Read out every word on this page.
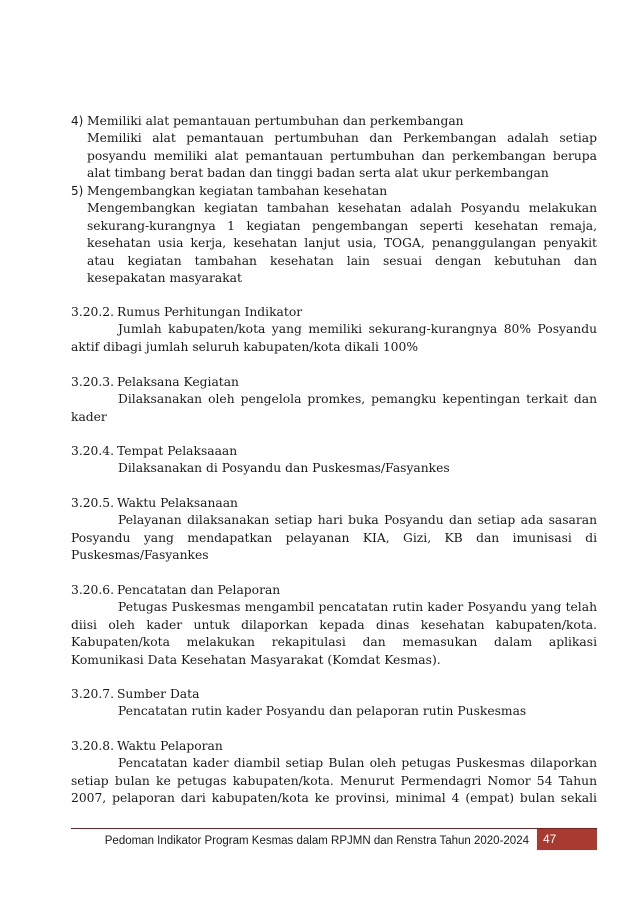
4) Memiliki alat pemantauan pertumbuhan dan perkembangan
Memiliki alat pemantauan pertumbuhan dan Perkembangan adalah setiap
posyandu memiliki alat pemantauan pertumbuhan dan perkembangan berupa
alat timbang berat badan dan tinggi badan serta alat ukur perkembangan
5) Mengembangkan kegiatan tambahan kesehatan
Mengembangkan kegiatan tambahan kesehatan adalah Posyandu melakukan
sekurang-kurangnya 1 kegiatan pengembangan seperti kesehatan remaja,
kesehatan usia kerja, kesehatan lanjut usia, TOGA, penanggulangan penyakit
atau kegiatan tambahan kesehatan lain sesuai dengan kebutuhan dan
kesepakatan masyarakat
3.20.2. Rumus Perhitungan Indikator
Jumlah kabupaten/kota yang memiliki sekurang-kurangnya 80% Posyandu
aktif dibagi jumlah seluruh kabupaten/kota dikali 100%
3.20.3. Pelaksana Kegiatan
Dilaksanakan oleh pengelola promkes, pemangku kepentingan terkait dan
kader
3.20.4. Tempat Pelaksaaan
Dilaksanakan di Posyandu dan Puskesmas/Fasyankes
3.20.5. Waktu Pelaksanaan
Pelayanan dilaksanakan setiap hari buka Posyandu dan setiap ada sasaran
Posyandu yang mendapatkan pelayanan KIA, Gizi, KB dan imunisasi di
Puskesmas/Fasyankes
3.20.6. Pencatatan dan Pelaporan
Petugas Puskesmas mengambil pencatatan rutin kader Posyandu yang telah
diisi oleh kader untuk dilaporkan kepada dinas kesehatan kabupaten/kota.
Kabupaten/kota melakukan rekapitulasi dan memasukan dalam aplikasi
Komunikasi Data Kesehatan Masyarakat (Komdat Kesmas).
3.20.7. Sumber Data
Pencatatan rutin kader Posyandu dan pelaporan rutin Puskesmas
3.20.8. Waktu Pelaporan
Pencatatan kader diambil setiap Bulan oleh petugas Puskesmas dilaporkan
setiap bulan ke petugas kabupaten/kota. Menurut Permendagri Nomor 54 Tahun
2007, pelaporan dari kabupaten/kota ke provinsi, minimal 4 (empat) bulan sekali
Pedoman Indikator Program Kesmas dalam RPJMN dan Renstra Tahun 2020-2024	47
